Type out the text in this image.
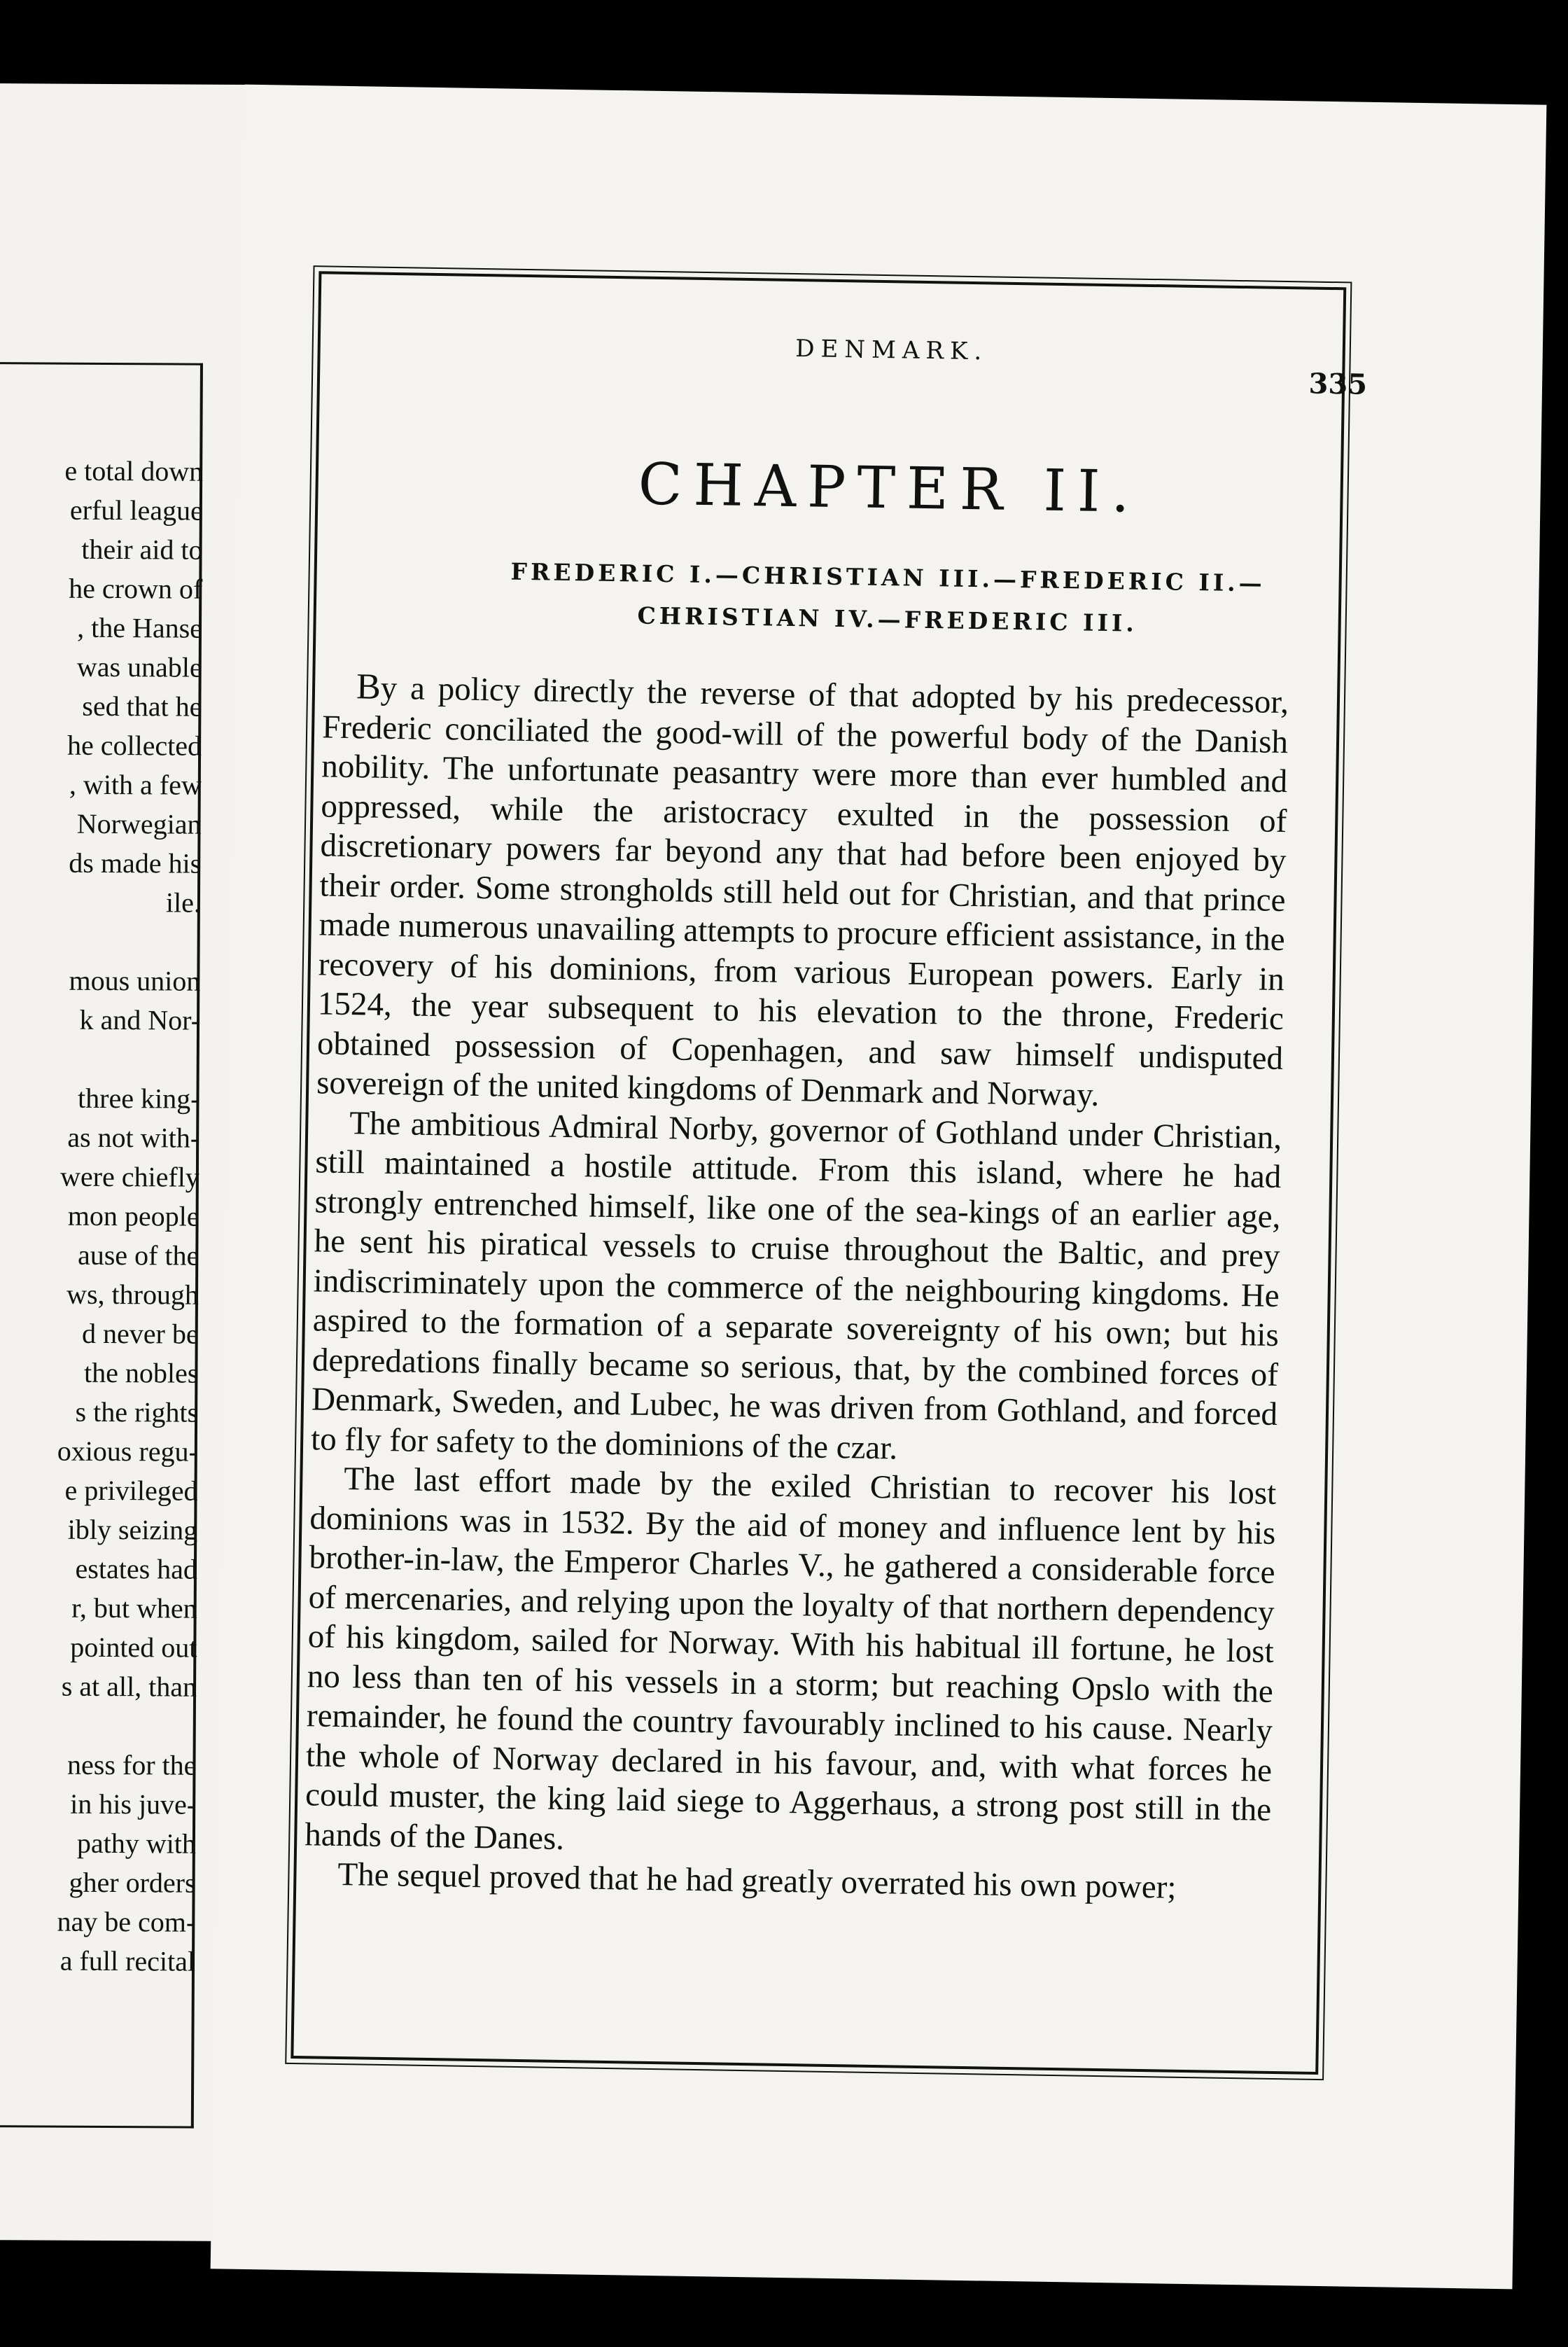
e total down
erful league
their aid to
he crown of
, the Hanse
was unable
sed that he
he collected
, with a few
Norwegian
ds made his
ile.
mous union
k and Nor-
three king-
as not with-
were chiefly
mon people
ause of the
ws, through
d never be
the nobles
s the rights
oxious regu-
e privileged
ibly seizing
estates had
r, but when
pointed out
s at all, than
ness for the
in his juve-
pathy with
gher orders
nay be com-
a full recital
DENMARK.
335
CHAPTER II.
FREDERIC I.—CHRISTIAN III.—FREDERIC II.—
CHRISTIAN IV.—FREDERIC III.

By a policy directly the reverse of that adopted by his predecessor, Frederic conciliated the good-will of the powerful body of the Danish nobility. The unfortunate peasantry were more than ever humbled and oppressed, while the aristocracy exulted in the possession of discretionary powers far beyond any that had before been enjoyed by their order. Some strongholds still held out for Christian, and that prince made numerous unavailing attempts to procure efficient assistance, in the recovery of his dominions, from various European powers. Early in 1524, the year subsequent to his elevation to the throne, Frederic obtained possession of Copenhagen, and saw himself undisputed sovereign of the united kingdoms of Denmark and Norway.

The ambitious Admiral Norby, governor of Gothland under Christian, still maintained a hostile attitude. From this island, where he had strongly entrenched himself, like one of the sea-kings of an earlier age, he sent his piratical vessels to cruise throughout the Baltic, and prey indiscriminately upon the commerce of the neighbouring kingdoms. He aspired to the formation of a separate sovereignty of his own; but his depredations finally became so serious, that, by the combined forces of Denmark, Sweden, and Lubec, he was driven from Gothland, and forced to fly for safety to the dominions of the czar.

The last effort made by the exiled Christian to recover his lost dominions was in 1532. By the aid of money and influence lent by his brother-in-law, the Emperor Charles V., he gathered a considerable force of mercenaries, and relying upon the loyalty of that northern dependency of his kingdom, sailed for Norway. With his habitual ill fortune, he lost no less than ten of his vessels in a storm; but reaching Opslo with the remainder, he found the country favourably inclined to his cause. Nearly the whole of Norway declared in his favour, and, with what forces he could muster, the king laid siege to Aggerhaus, a strong post still in the hands of the Danes.

The sequel proved that he had greatly overrated his own power;
